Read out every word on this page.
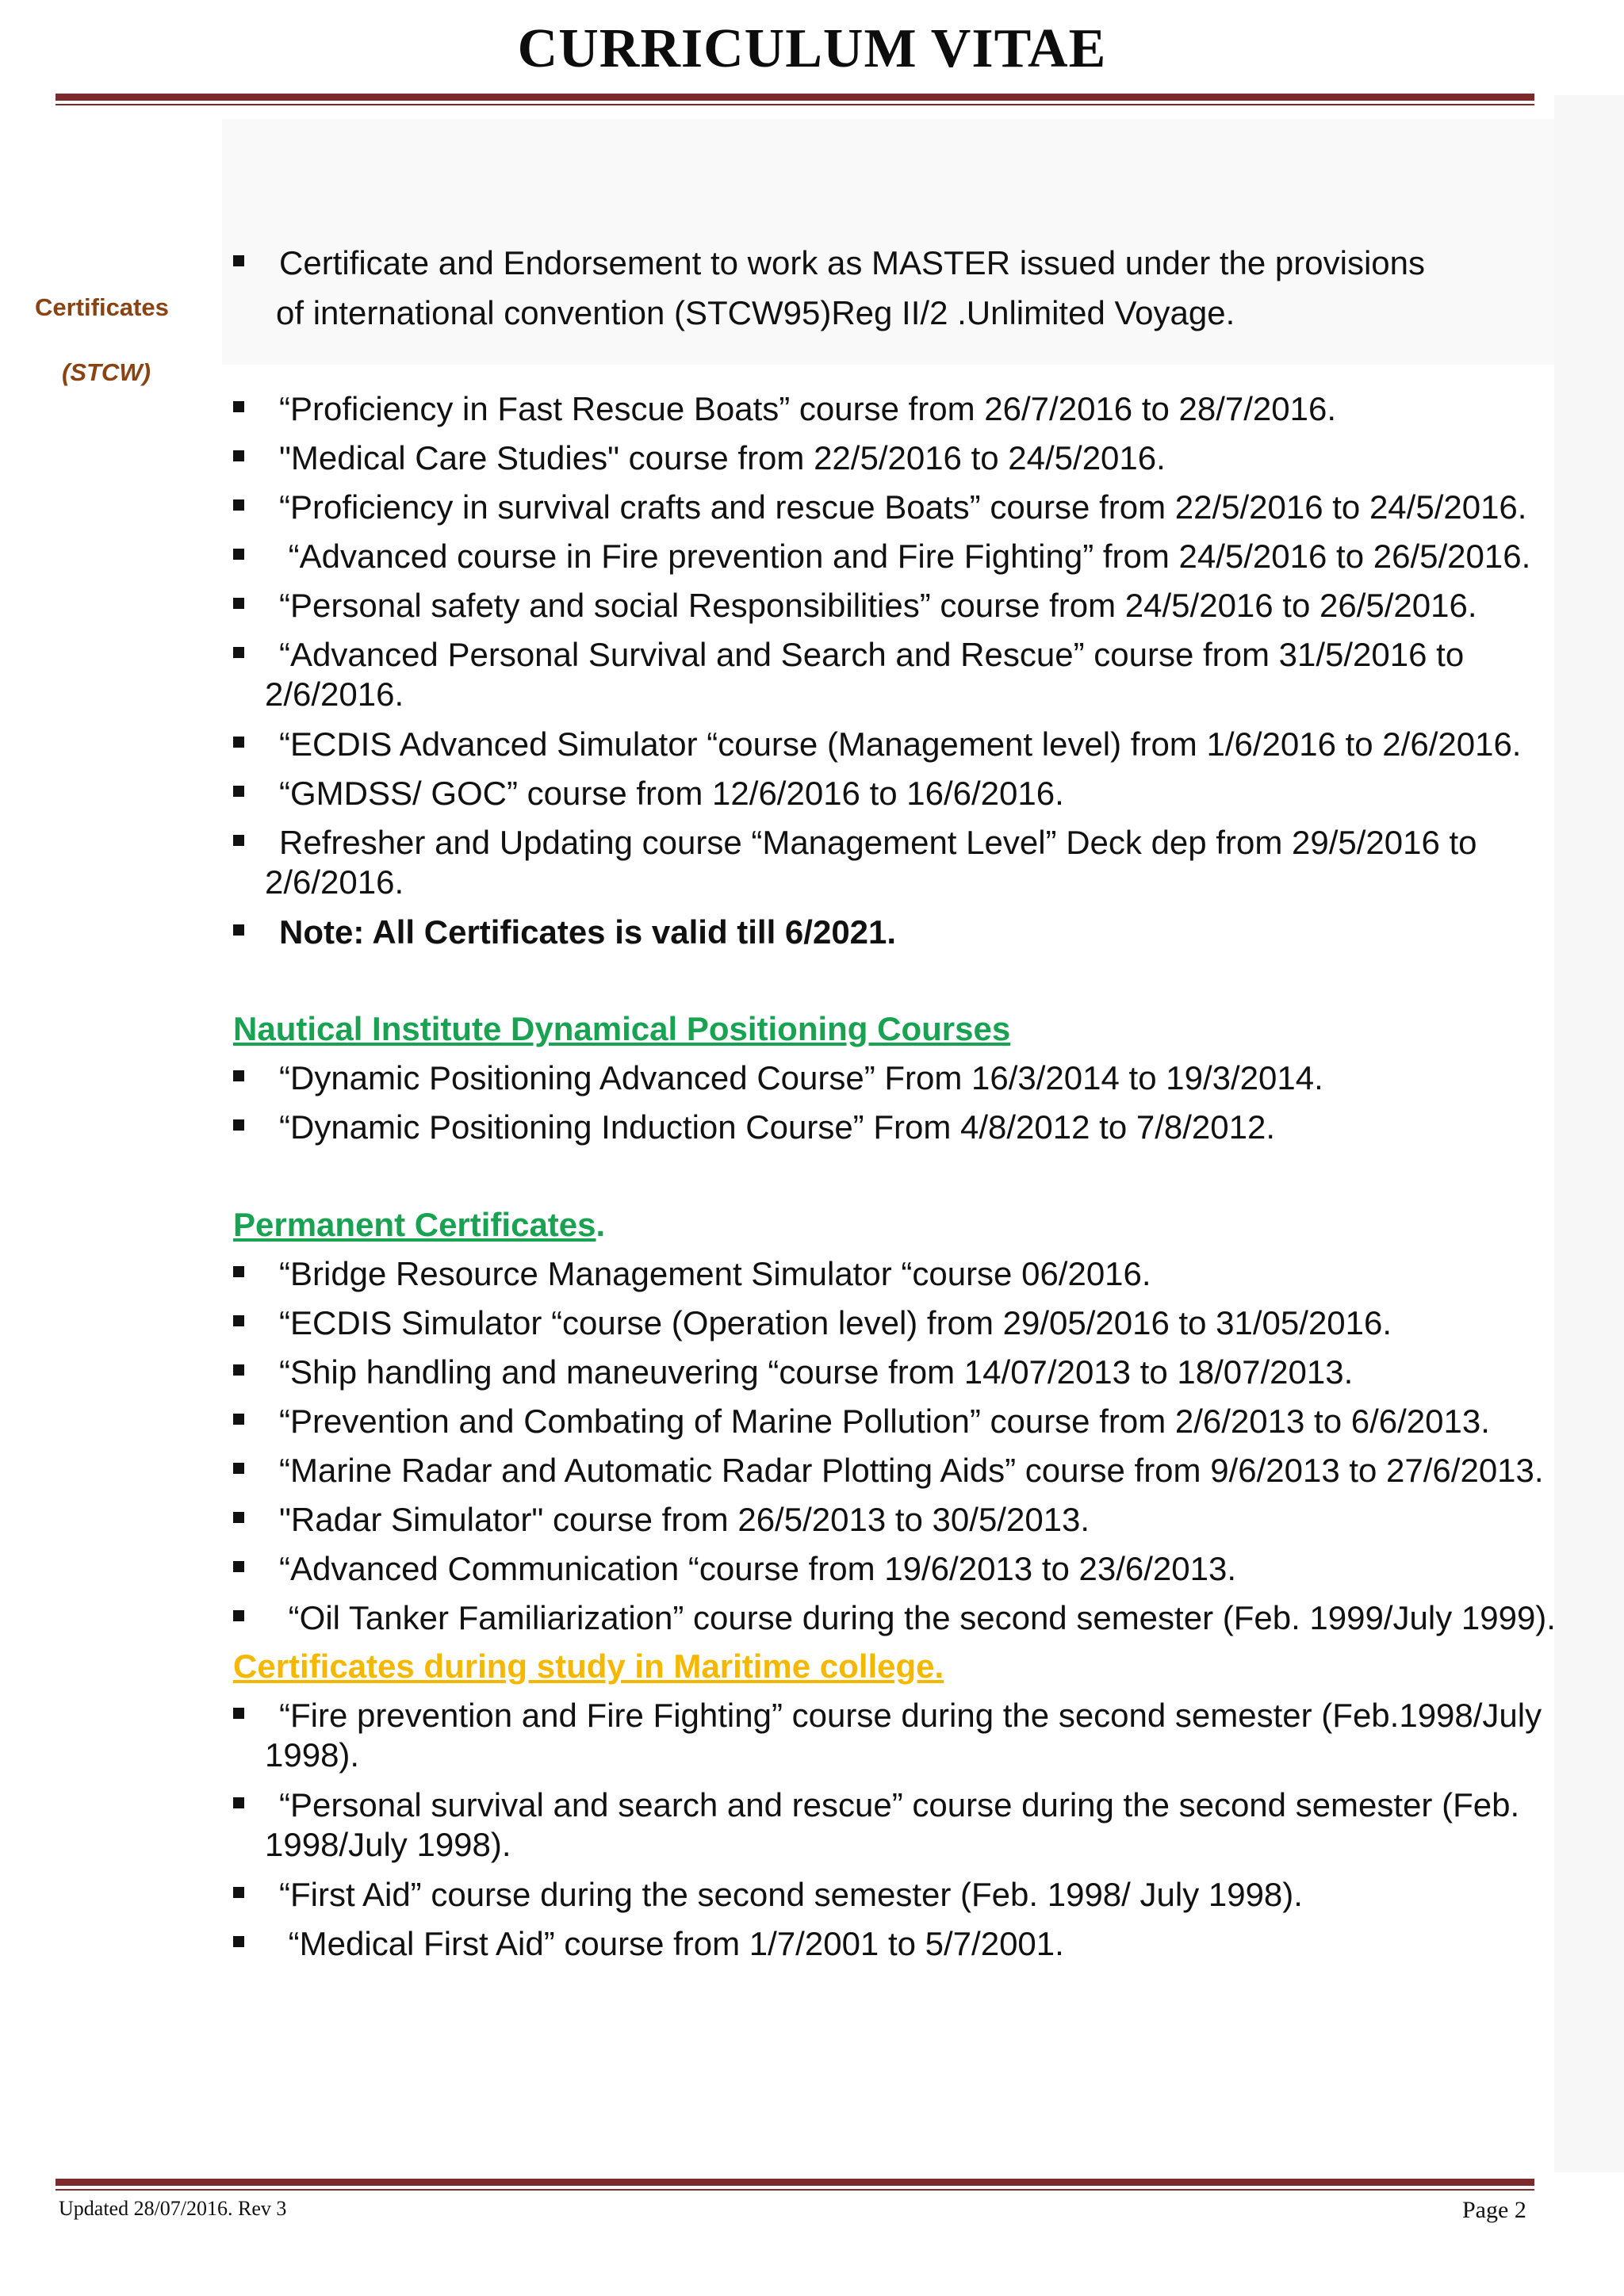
CURRICULUM VITAE
Certificates
(STCW)
Certificate and Endorsement to work as MASTER issued under the provisions
of international convention (STCW95)Reg II/2 .Unlimited Voyage.
“Proficiency in Fast Rescue Boats” course from 26/7/2016 to 28/7/2016.
"Medical Care Studies" course from 22/5/2016 to 24/5/2016.
“Proficiency in survival crafts and rescue Boats” course from 22/5/2016 to 24/5/2016.
“Advanced course in Fire prevention and Fire Fighting” from 24/5/2016 to 26/5/2016.
“Personal safety and social Responsibilities” course from 24/5/2016 to 26/5/2016.
“Advanced Personal Survival and Search and Rescue” course from 31/5/2016 to
2/6/2016.
“ECDIS Advanced Simulator “course (Management level) from 1/6/2016 to 2/6/2016.
“GMDSS/ GOC” course from 12/6/2016 to 16/6/2016.
Refresher and Updating course “Management Level” Deck dep from 29/5/2016 to
2/6/2016.
Note: All Certificates is valid till 6/2021.
Nautical Institute Dynamical Positioning Courses
“Dynamic Positioning Advanced Course” From 16/3/2014 to 19/3/2014.
“Dynamic Positioning Induction Course” From 4/8/2012 to 7/8/2012.
Permanent Certificates.
“Bridge Resource Management Simulator “course 06/2016.
“ECDIS Simulator “course (Operation level) from 29/05/2016 to 31/05/2016.
“Ship handling and maneuvering “course from 14/07/2013 to 18/07/2013.
“Prevention and Combating of Marine Pollution” course from 2/6/2013 to 6/6/2013.
“Marine Radar and Automatic Radar Plotting Aids” course from 9/6/2013 to 27/6/2013.
"Radar Simulator" course from 26/5/2013 to 30/5/2013.
“Advanced Communication “course from 19/6/2013 to 23/6/2013.
“Oil Tanker Familiarization” course during the second semester (Feb. 1999/July 1999).
Certificates during study in Maritime college.
“Fire prevention and Fire Fighting” course during the second semester (Feb.1998/July
1998).
“Personal survival and search and rescue” course during the second semester (Feb.
1998/July 1998).
“First Aid” course during the second semester (Feb. 1998/ July 1998).
“Medical First Aid” course from 1/7/2001 to 5/7/2001.
Updated 28/07/2016. Rev 3	Page 2
